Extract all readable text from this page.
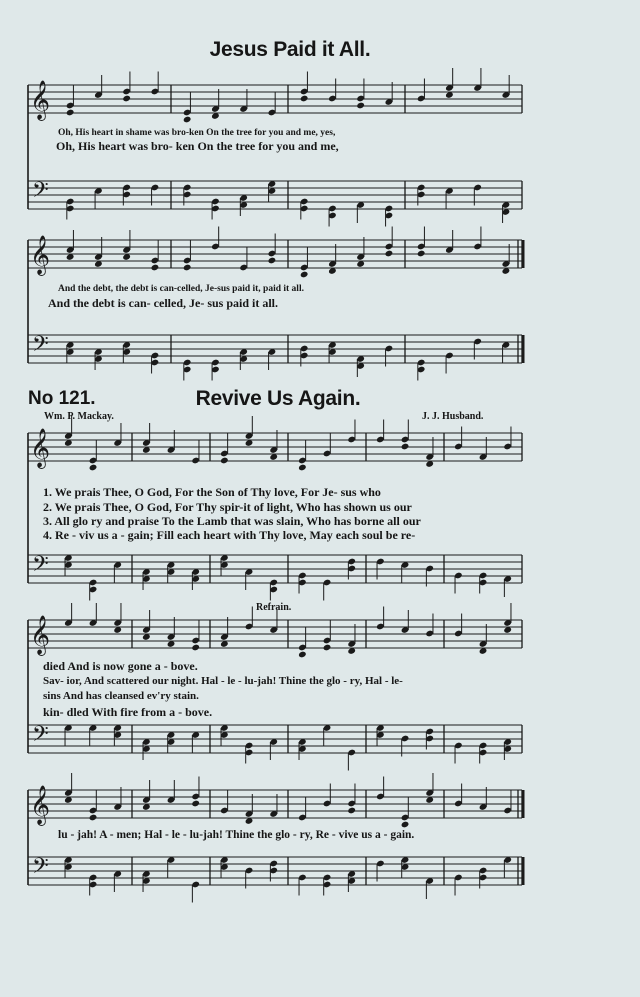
𝄞
𝄢
𝄞
𝄢
𝄞
𝄢
𝄞
𝄢
𝄞
𝄢
Jesus Paid it All.
Oh, His heart in shame was bro-ken On the tree for you and me, yes,
Oh, His heart was bro- ken On the tree for you and me,
And the debt, the debt is can-celled, Je-sus paid it, paid it all.
And the debt is can- celled, Je- sus paid it all.
No 121.	Revive Us Again.
Wm. P. Mackay.	J. J. Husband.
1. We prais Thee, O God, For the Son of Thy love, For Je- sus who
2. We prais Thee, O God, For Thy spir-it of light, Who has shown us our
3. All glo ry and praise To the Lamb that was slain, Who has borne all our
4. Re - viv us a - gain; Fill each heart with Thy love, May each soul be re-
Refrain.
died And is now gone a - bove.
Sav- ior, And scattered our night. Hal - le - lu-jah! Thine the glo - ry, Hal - le-
sins And has cleansed ev'ry stain.
kin- dled With fire from a - bove.
lu - jah! A - men; Hal - le - lu-jah! Thine the glo - ry, Re - vive us a - gain.
